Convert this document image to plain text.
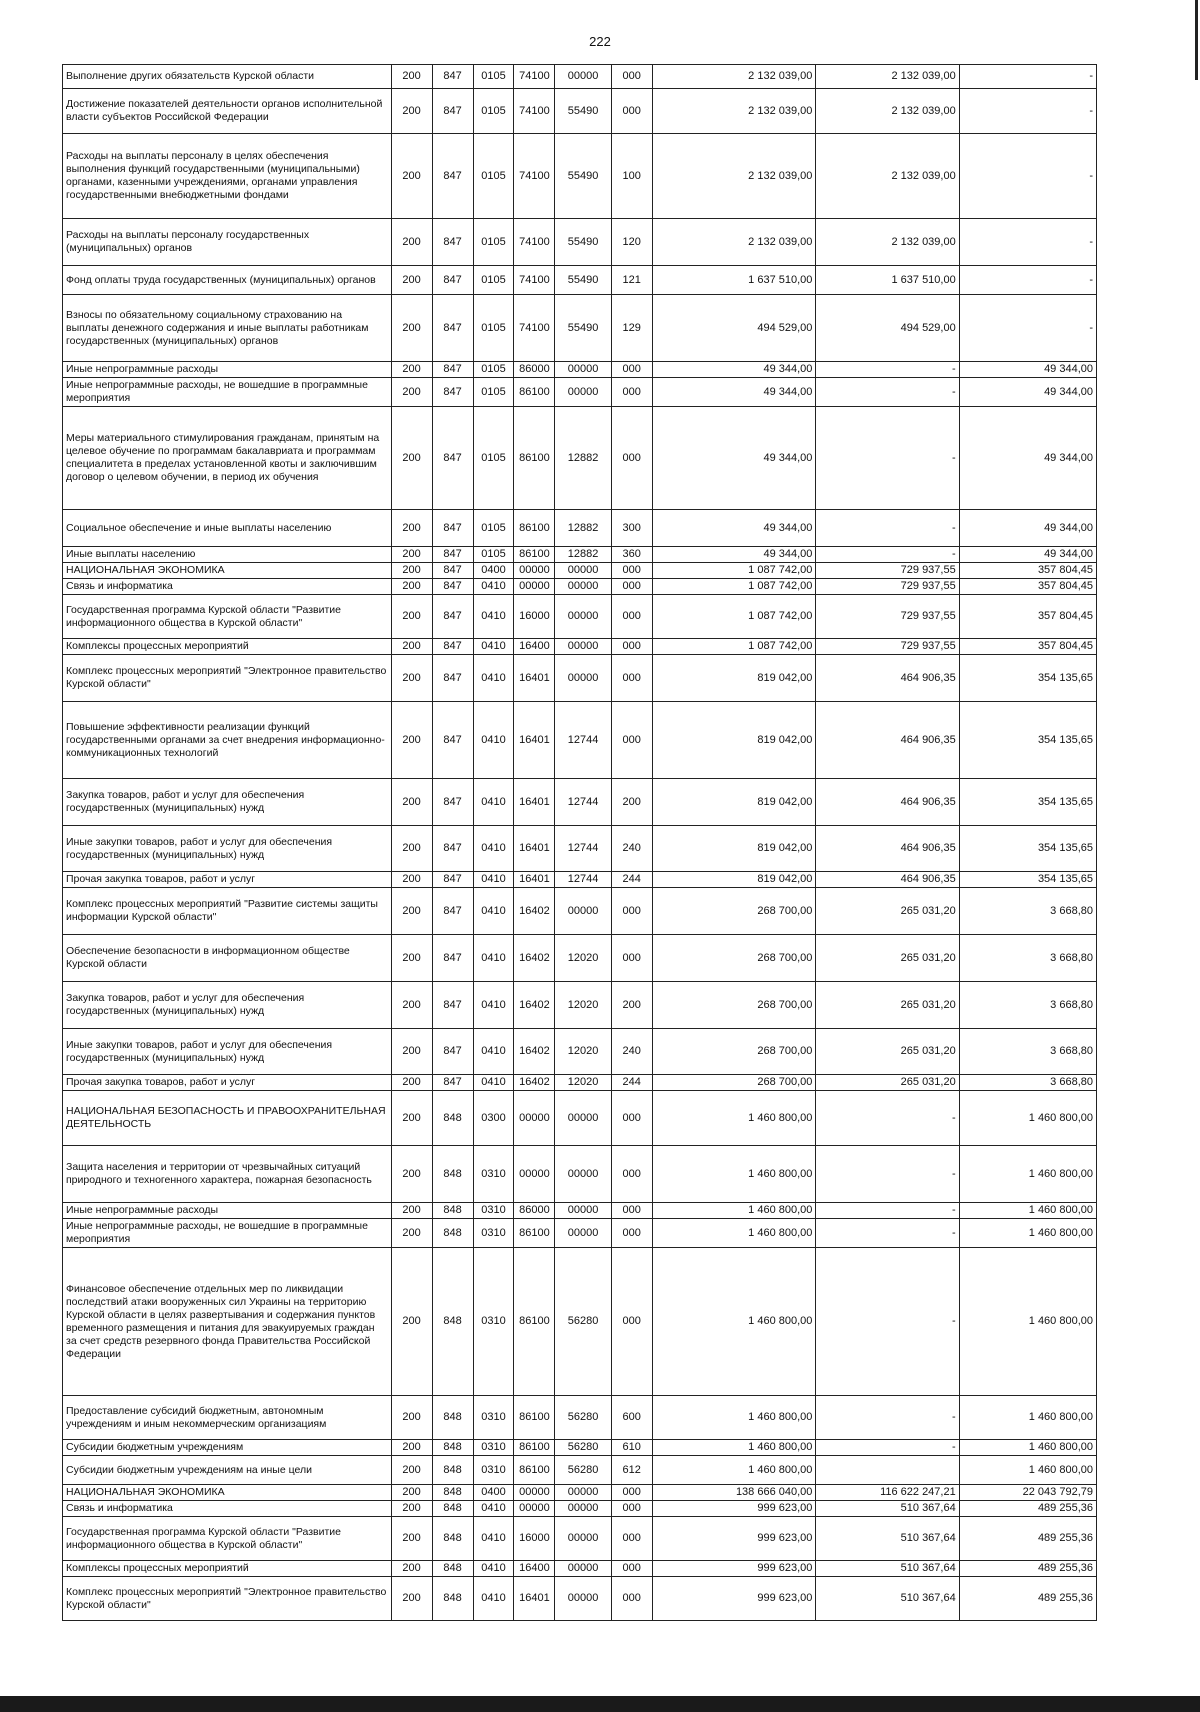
222
Выполнение других обязательств Курской области	200	847	0105	74100	00000	000	2 132 039,00	2 132 039,00	-
Достижение показателей деятельности органов исполнительной власти субъектов Российской Федерации	200	847	0105	74100	55490	000	2 132 039,00	2 132 039,00	-
Расходы на выплаты персоналу в целях обеспечения выполнения функций государственными (муниципальными) органами, казенными учреждениями, органами управления государственными внебюджетными фондами	200	847	0105	74100	55490	100	2 132 039,00	2 132 039,00	-
Расходы на выплаты персоналу государственных (муниципальных) органов	200	847	0105	74100	55490	120	2 132 039,00	2 132 039,00	-
Фонд оплаты труда государственных (муниципальных) органов	200	847	0105	74100	55490	121	1 637 510,00	1 637 510,00	-
Взносы по обязательному социальному страхованию на выплаты денежного содержания и иные выплаты работникам государственных (муниципальных) органов	200	847	0105	74100	55490	129	494 529,00	494 529,00	-
Иные непрограммные расходы	200	847	0105	86000	00000	000	49 344,00	-	49 344,00
Иные непрограммные расходы, не вошедшие в программные мероприятия	200	847	0105	86100	00000	000	49 344,00	-	49 344,00
Меры материального стимулирования гражданам, принятым на целевое обучение по программам бакалавриата и программам специалитета в пределах установленной квоты и заключившим договор о целевом обучении, в период их обучения	200	847	0105	86100	12882	000	49 344,00	-	49 344,00
Социальное обеспечение и иные выплаты населению	200	847	0105	86100	12882	300	49 344,00	-	49 344,00
Иные выплаты населению	200	847	0105	86100	12882	360	49 344,00	-	49 344,00
НАЦИОНАЛЬНАЯ ЭКОНОМИКА	200	847	0400	00000	00000	000	1 087 742,00	729 937,55	357 804,45
Связь и информатика	200	847	0410	00000	00000	000	1 087 742,00	729 937,55	357 804,45
Государственная программа Курской области "Развитие информационного общества в Курской области"	200	847	0410	16000	00000	000	1 087 742,00	729 937,55	357 804,45
Комплексы процессных мероприятий	200	847	0410	16400	00000	000	1 087 742,00	729 937,55	357 804,45
Комплекс процессных мероприятий "Электронное правительство Курской области"	200	847	0410	16401	00000	000	819 042,00	464 906,35	354 135,65
Повышение эффективности реализации функций государственными органами за счет внедрения информационно-коммуникационных технологий	200	847	0410	16401	12744	000	819 042,00	464 906,35	354 135,65
Закупка товаров, работ и услуг для обеспечения государственных (муниципальных) нужд	200	847	0410	16401	12744	200	819 042,00	464 906,35	354 135,65
Иные закупки товаров, работ и услуг для обеспечения государственных (муниципальных) нужд	200	847	0410	16401	12744	240	819 042,00	464 906,35	354 135,65
Прочая закупка товаров, работ и услуг	200	847	0410	16401	12744	244	819 042,00	464 906,35	354 135,65
Комплекс процессных мероприятий "Развитие системы защиты информации Курской области"	200	847	0410	16402	00000	000	268 700,00	265 031,20	3 668,80
Обеспечение безопасности в информационном обществе Курской области	200	847	0410	16402	12020	000	268 700,00	265 031,20	3 668,80
Закупка товаров, работ и услуг для обеспечения государственных (муниципальных) нужд	200	847	0410	16402	12020	200	268 700,00	265 031,20	3 668,80
Иные закупки товаров, работ и услуг для обеспечения государственных (муниципальных) нужд	200	847	0410	16402	12020	240	268 700,00	265 031,20	3 668,80
Прочая закупка товаров, работ и услуг	200	847	0410	16402	12020	244	268 700,00	265 031,20	3 668,80
НАЦИОНАЛЬНАЯ БЕЗОПАСНОСТЬ И ПРАВООХРАНИТЕЛЬНАЯ ДЕЯТЕЛЬНОСТЬ	200	848	0300	00000	00000	000	1 460 800,00	-	1 460 800,00
Защита населения и территории от чрезвычайных ситуаций природного и техногенного характера, пожарная безопасность	200	848	0310	00000	00000	000	1 460 800,00	-	1 460 800,00
Иные непрограммные расходы	200	848	0310	86000	00000	000	1 460 800,00	-	1 460 800,00
Иные непрограммные расходы, не вошедшие в программные мероприятия	200	848	0310	86100	00000	000	1 460 800,00	-	1 460 800,00
Финансовое обеспечение отдельных мер по ликвидации последствий атаки вооруженных сил Украины на территорию Курской области в целях развертывания и содержания пунктов временного размещения и питания для эвакуируемых граждан за счет средств резервного фонда Правительства Российской Федерации	200	848	0310	86100	56280	000	1 460 800,00	-	1 460 800,00
Предоставление субсидий бюджетным, автономным учреждениям и иным некоммерческим организациям	200	848	0310	86100	56280	600	1 460 800,00	-	1 460 800,00
Субсидии бюджетным учреждениям	200	848	0310	86100	56280	610	1 460 800,00	-	1 460 800,00
Субсидии бюджетным учреждениям на иные цели	200	848	0310	86100	56280	612	1 460 800,00		1 460 800,00
НАЦИОНАЛЬНАЯ ЭКОНОМИКА	200	848	0400	00000	00000	000	138 666 040,00	116 622 247,21	22 043 792,79
Связь и информатика	200	848	0410	00000	00000	000	999 623,00	510 367,64	489 255,36
Государственная программа Курской области "Развитие информационного общества в Курской области"	200	848	0410	16000	00000	000	999 623,00	510 367,64	489 255,36
Комплексы процессных мероприятий	200	848	0410	16400	00000	000	999 623,00	510 367,64	489 255,36
Комплекс процессных мероприятий "Электронное правительство Курской области"	200	848	0410	16401	00000	000	999 623,00	510 367,64	489 255,36
